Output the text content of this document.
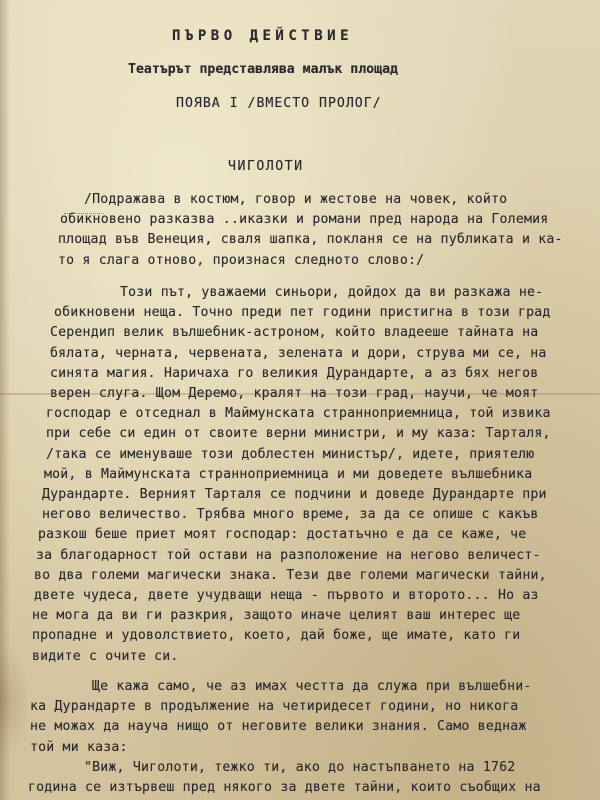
ПЪРВО ДЕЙСТВИЕ
Театърът представлява малък площад
ПОЯВА I /ВМЕСТО ПРОЛОГ/
ЧИГОЛОТИ
/Подражава в костюм, говор и жестове на човек, който
обикновено разказва ..иказки и романи пред народа на Големия
площад във Венеция, сваля шапка, покланя се на публиката и ка-
то я слага отново, произнася следното слово:/
Този път, уважаеми синьори, дойдох да ви разкажа не-
обикновени неща. Точно преди пет години пристигна в този град
Серендип велик вълшебник-астроном, който владееше тайната на
бялата, черната, червената, зелената и дори, струва ми се, на
синята магия. Наричаха го великия Дурандарте, а аз бях негов
верен слуга. Щом Деремо, кралят на този град, научи, че моят
господар е отседнал в Маймунската странноприемница, той извика
при себе си един от своите верни министри, и му каза: Тарталя,
/така се именуваше този доблестен министър/, идете, приятелю
мой, в Маймунската странноприемница и ми доведете вълшебника
Дурандарте. Верният Тарталя се подчини и доведе Дурандарте при
негово величество. Трябва много време, за да се опише с какъв
разкош беше приет моят господар: достатъчно е да се каже, че
за благодарност той остави на разположение на негово величест-
во два големи магически знака. Тези две големи магически тайни,
двете чудеса, двете учудващи неща - първото и второто... Но аз
не мога да ви ги разкрия, защото иначе целият ваш интерес ще
пропадне и удоволствието, което, дай боже, ще имате, като ги
видите с очите си.
Ще кажа само, че аз имах честта да служа при вълшебни-
ка Дурандарте в продължение на четиридесет години, но никога
не можах да науча нищо от неговите велики знания. Само веднаж
той ми каза:
"Виж, Чиголоти, тежко ти, ако до настъпването на 1762
година се изтървеш пред някого за двете тайни, които съобщих на
